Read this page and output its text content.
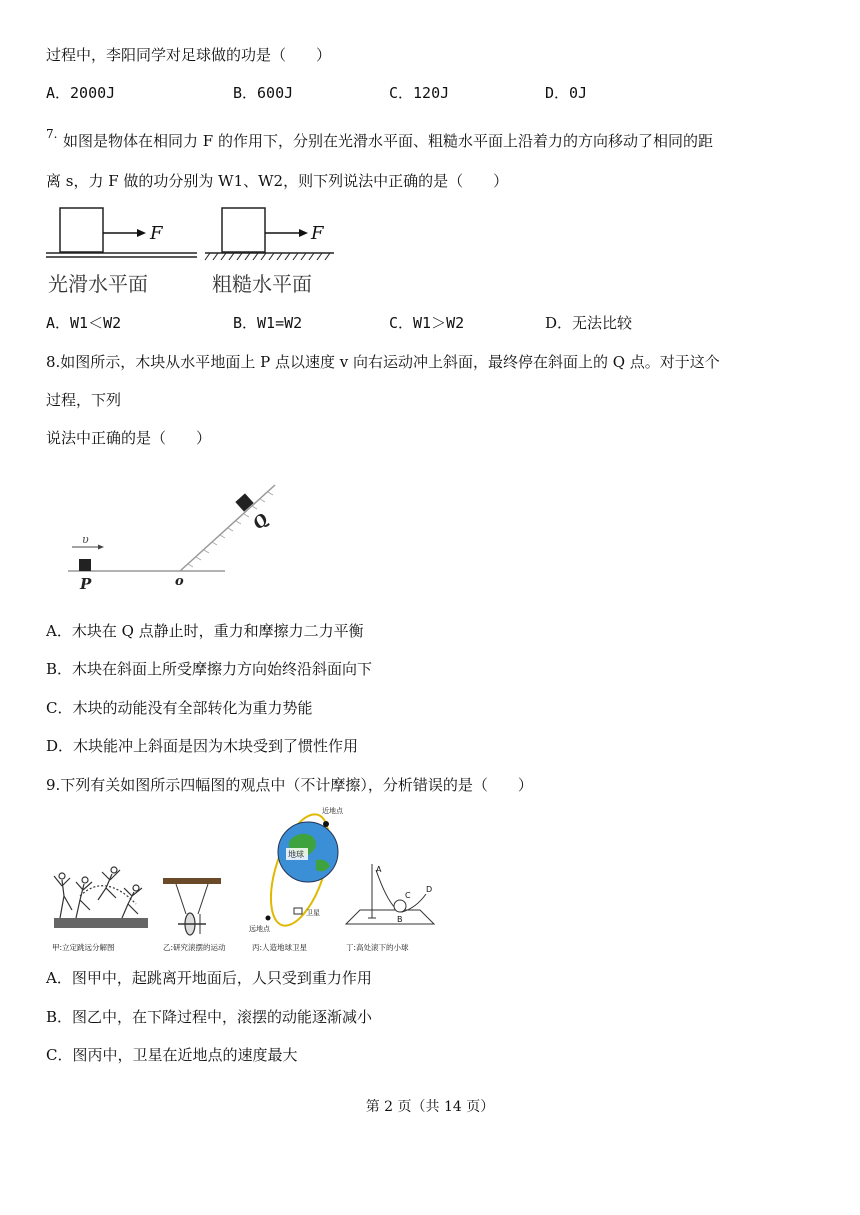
过程中，李阳同学对足球做的功是（　　）
A．2000J	B．600J	C．120J	D．0J
7. 如图是物体在相同力 F 的作用下，分别在光滑水平面、粗糙水平面上沿着力的方向移动了相同的距
离 s，力 F 做的功分别为 W1、W2，则下列说法中正确的是（　　）
F	F
光滑水平面	粗糙水平面
A．W1＜W2	B．W1=W2	C．W1＞W2	D．无法比较
8.如图所示，木块从水平地面上 P 点以速度 v 向右运动冲上斜面，最终停在斜面上的 Q 点。对于这个
过程，下列
说法中正确的是（　　）
υ
P	o
Q
A．木块在 Q 点静止时，重力和摩擦力二力平衡
B．木块在斜面上所受摩擦力方向始终沿斜面向下
C．木块的动能没有全部转化为重力势能
D．木块能冲上斜面是因为木块受到了惯性作用
9.下列有关如图所示四幅图的观点中（不计摩擦），分析错误的是（　　）
甲:立定跳远分解图	乙:研究滚摆的运动
地球
近地点
卫星
远地点
丙:人造地球卫星
A
B
C
D
丁:高处滚下的小球
A．图甲中，起跳离开地面后，人只受到重力作用
B．图乙中，在下降过程中，滚摆的动能逐渐减小
C．图丙中，卫星在近地点的速度最大
第 2 页（共 14 页）
